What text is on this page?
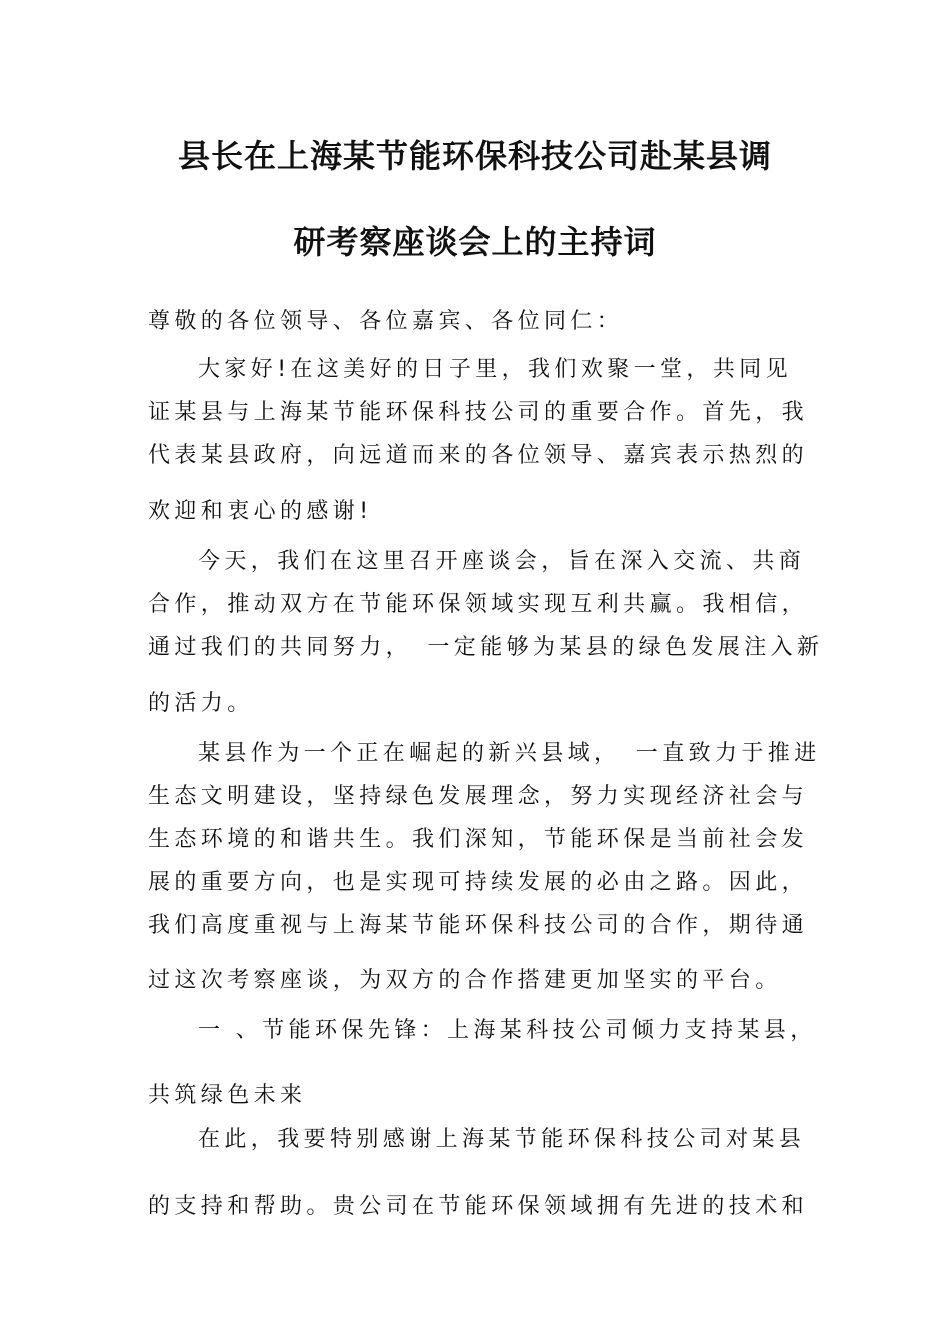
县长在上海某节能环保科技公司赴某县调
研考察座谈会上的主持词
尊敬的各位领导、各位嘉宾、各位同仁：
大家好!在这美好的日子里，我们欢聚一堂，共同见
证某县与上海某节能环保科技公司的重要合作。首先，我
代表某县政府，向远道而来的各位领导、嘉宾表示热烈的
欢迎和衷心的感谢!
今天，我们在这里召开座谈会，旨在深入交流、共商
合作，推动双方在节能环保领域实现互利共赢。我相信，
通过我们的共同努力，　一定能够为某县的绿色发展注入新
的活力。
某县作为一个正在崛起的新兴县域，　一直致力于推进
生态文明建设，坚持绿色发展理念，努力实现经济社会与
生态环境的和谐共生。我们深知，节能环保是当前社会发
展的重要方向，也是实现可持续发展的必由之路。因此，
我们高度重视与上海某节能环保科技公司的合作，期待通
过这次考察座谈，为双方的合作搭建更加坚实的平台。
一 、节能环保先锋：上海某科技公司倾力支持某县，
共筑绿色未来
在此，我要特别感谢上海某节能环保科技公司对某县
的支持和帮助。贵公司在节能环保领域拥有先进的技术和
